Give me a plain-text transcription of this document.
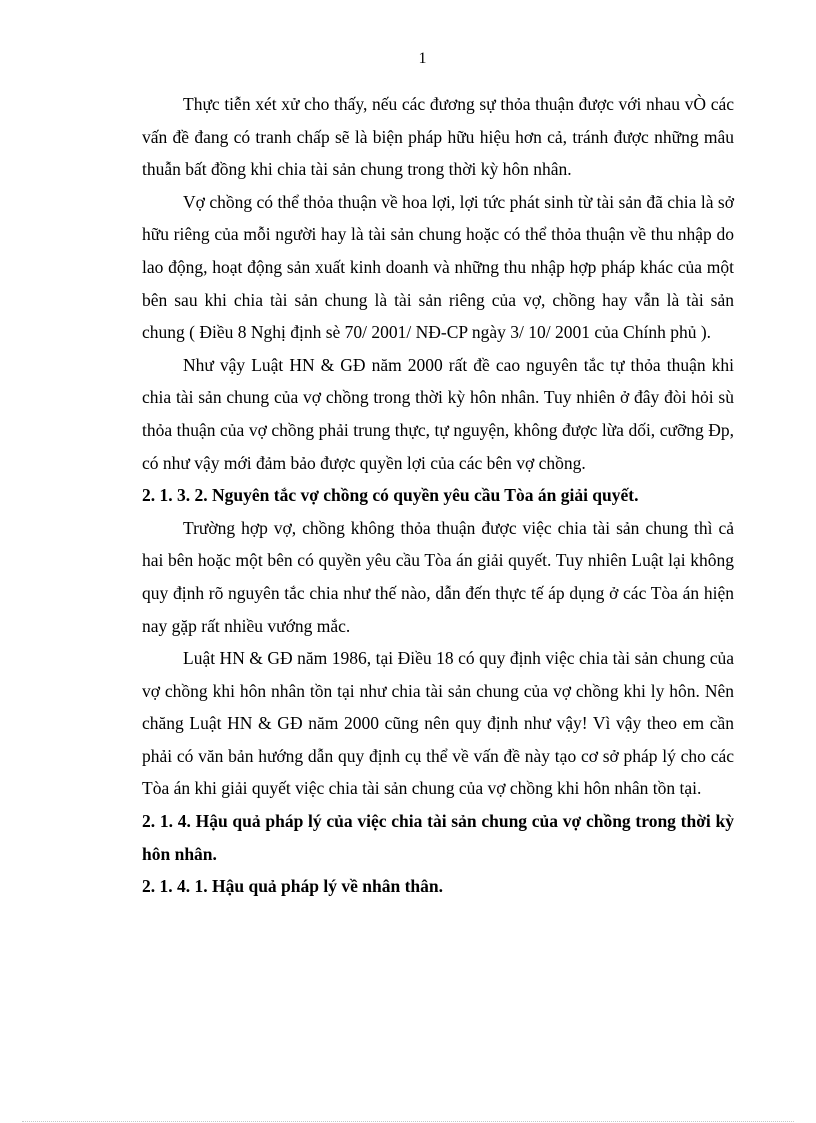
1

Thực tiễn xét xử cho thấy, nếu các đương sự thỏa thuận được với nhau vÒ các vấn đề đang có tranh chấp sẽ là biện pháp hữu hiệu hơn cả, tránh được những mâu thuẫn bất đồng khi chia tài sản chung trong thời kỳ hôn nhân.

Vợ chồng có thể thỏa thuận về hoa lợi, lợi tức phát sinh từ tài sản đã chia là sở hữu riêng của mỗi người hay là tài sản chung hoặc có thể thỏa thuận về thu nhập do lao động, hoạt động sản xuất kinh doanh và những thu nhập hợp pháp khác của một bên sau khi chia tài sản chung là tài sản riêng của vợ, chồng hay vẫn là tài sản chung ( Điều 8 Nghị định sè 70/ 2001/ NĐ-CP ngày 3/ 10/ 2001 của Chính phủ ).

Như vậy Luật HN & GĐ năm 2000 rất đề cao nguyên tắc tự thỏa thuận khi chia tài sản chung của vợ chồng trong thời kỳ hôn nhân. Tuy nhiên ở đây đòi hỏi sù thỏa thuận của vợ chồng phải trung thực, tự nguyện, không được lừa dối, cưỡng Ðp, có như vậy mới đảm bảo được quyền lợi của các bên vợ chồng.

2. 1. 3. 2. Nguyên tắc vợ chồng có quyền yêu cầu Tòa án giải quyết.

Trường hợp vợ, chồng không thỏa thuận được việc chia tài sản chung thì cả hai bên hoặc một bên có quyền yêu cầu Tòa án giải quyết. Tuy nhiên Luật lại không quy định rõ nguyên tắc chia như thế nào, dẫn đến thực tế áp dụng ở các Tòa án hiện nay gặp rất nhiều vướng mắc.

Luật HN & GĐ năm 1986, tại Điều 18 có quy định việc chia tài sản chung của vợ chồng khi hôn nhân tồn tại như chia tài sản chung của vợ chồng khi ly hôn. Nên chăng Luật HN & GĐ năm 2000 cũng nên quy định như vậy! Vì vậy theo em cần phải có văn bản hướng dẫn quy định cụ thể về vấn đề này tạo cơ sở pháp lý cho các Tòa án khi giải quyết việc chia tài sản chung của vợ chồng khi hôn nhân tồn tại.

2. 1. 4. Hậu quả pháp lý của việc chia tài sản chung của vợ chồng trong thời kỳ hôn nhân.

2. 1. 4. 1. Hậu quả pháp lý về nhân thân.
